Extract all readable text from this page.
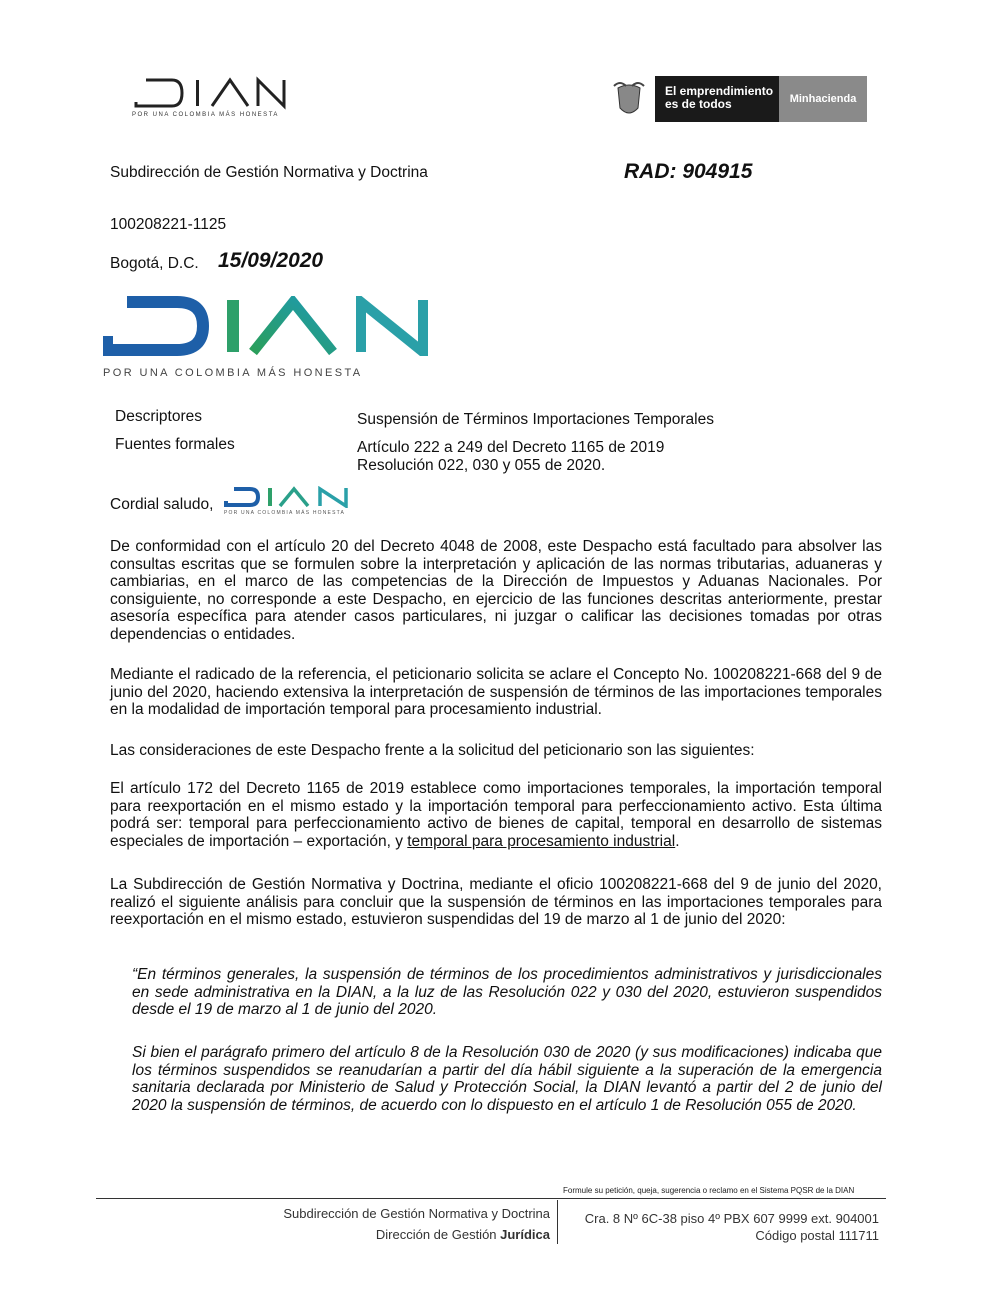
POR UNA COLOMBIA MÁS HONESTA
El emprendimiento
es de todos	Minhacienda
Subdirección de Gestión Normativa y Doctrina	RAD: 904915
100208221-1125
Bogotá, D.C. 15/09/2020
POR UNA COLOMBIA MÁS HONESTA
Descriptores	Suspensión de Términos Importaciones Temporales
Fuentes formales	Artículo 222 a 249 del Decreto 1165 de 2019
Resolución 022, 030 y 055 de 2020.
Cordial saludo, POR UNA COLOMBIA MÁS HONESTA
De conformidad con el artículo 20 del Decreto 4048 de 2008, este Despacho está facultado para absolver las consultas escritas que se formulen sobre la interpretación y aplicación de las normas tributarias, aduaneras y cambiarias, en el marco de las competencias de la Dirección de Impuestos y Aduanas Nacionales. Por consiguiente, no corresponde a este Despacho, en ejercicio de las funciones descritas anteriormente, prestar asesoría específica para atender casos particulares, ni juzgar o calificar las decisiones tomadas por otras dependencias o entidades.
Mediante el radicado de la referencia, el peticionario solicita se aclare el Concepto No. 100208221-668 del 9 de junio del 2020, haciendo extensiva la interpretación de suspensión de términos de las importaciones temporales en la modalidad de importación temporal para procesamiento industrial.
Las consideraciones de este Despacho frente a la solicitud del peticionario son las siguientes:
El artículo 172 del Decreto 1165 de 2019 establece como importaciones temporales, la importación temporal para reexportación en el mismo estado y la importación temporal para perfeccionamiento activo. Esta última podrá ser: temporal para perfeccionamiento activo de bienes de capital, temporal en desarrollo de sistemas especiales de importación – exportación, y temporal para procesamiento industrial.
La Subdirección de Gestión Normativa y Doctrina, mediante el oficio 100208221-668 del 9 de junio del 2020, realizó el siguiente análisis para concluir que la suspensión de términos en las importaciones temporales para reexportación en el mismo estado, estuvieron suspendidas del 19 de marzo al 1 de junio del 2020:
“En términos generales, la suspensión de términos de los procedimientos administrativos y jurisdiccionales en sede administrativa en la DIAN, a la luz de las Resolución 022 y 030 del 2020, estuvieron suspendidos desde el 19 de marzo al 1 de junio del 2020.
Si bien el parágrafo primero del artículo 8 de la Resolución 030 de 2020 (y sus modificaciones) indicaba que los términos suspendidos se reanudarían a partir del día hábil siguiente a la superación de la emergencia sanitaria declarada por Ministerio de Salud y Protección Social, la DIAN levantó a partir del 2 de junio del 2020 la suspensión de términos, de acuerdo con lo dispuesto en el artículo 1 de Resolución 055 de 2020.
Formule su petición, queja, sugerencia o reclamo en el Sistema PQSR de la DIAN
Subdirección de Gestión Normativa y Doctrina
Dirección de Gestión Jurídica
Cra. 8 Nº 6C-38 piso 4º PBX 607 9999 ext. 904001
Código postal 111711
